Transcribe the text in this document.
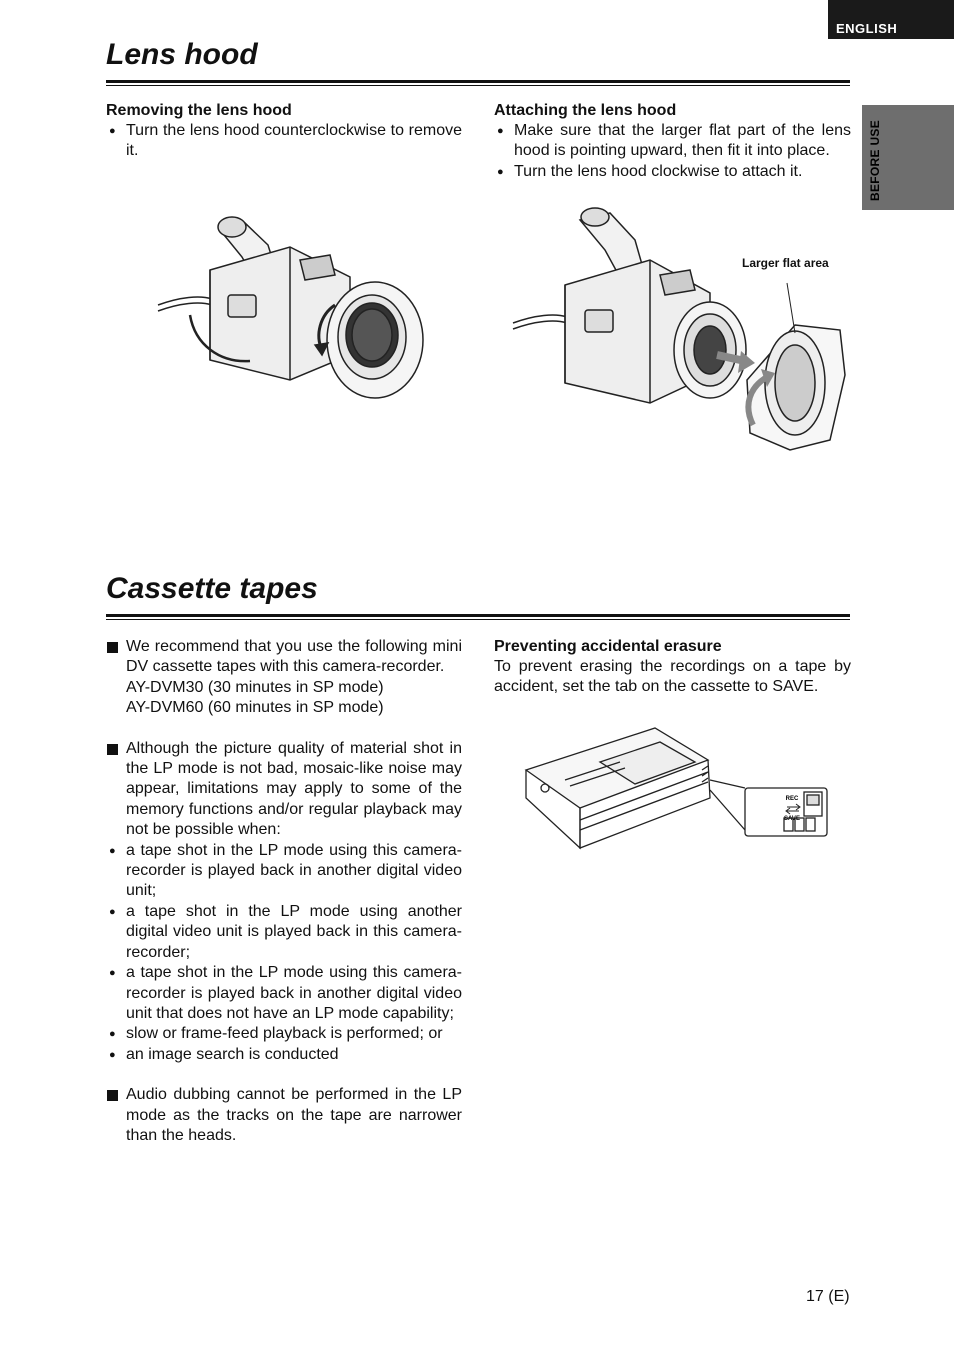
ENGLISH
BEFORE USE
Lens hood
Removing the lens hood
● Turn the lens hood counterclockwise to remove it.
Attaching the lens hood
● Make sure that the larger flat part of the lens hood is pointing upward, then fit it into place.
● Turn the lens hood clockwise to attach it.
Larger flat area
Cassette tapes
We recommend that you use the following mini DV cassette tapes with this camera-recorder.
AY-DVM30 (30 minutes in SP mode)
AY-DVM60 (60 minutes in SP mode)
Although the picture quality of material shot in the LP mode is not bad, mosaic-like noise may appear, limitations may apply to some of the memory functions and/or regular playback may not be possible when:
● a tape shot in the LP mode using this camera-recorder is played back in another digital video unit;
● a tape shot in the LP mode using another digital video unit is played back in this camera-recorder;
● a tape shot in the LP mode using this camera-recorder is played back in another digital video unit that does not have an LP mode capability;
● slow or frame-feed playback is performed; or
● an image search is conducted
Audio dubbing cannot be performed in the LP mode as the tracks on the tape are narrower than the heads.
Preventing accidental erasure

To prevent erasing the recordings on a tape by accident, set the tab on the cassette to SAVE.

REC
SAVE
17 (E)
